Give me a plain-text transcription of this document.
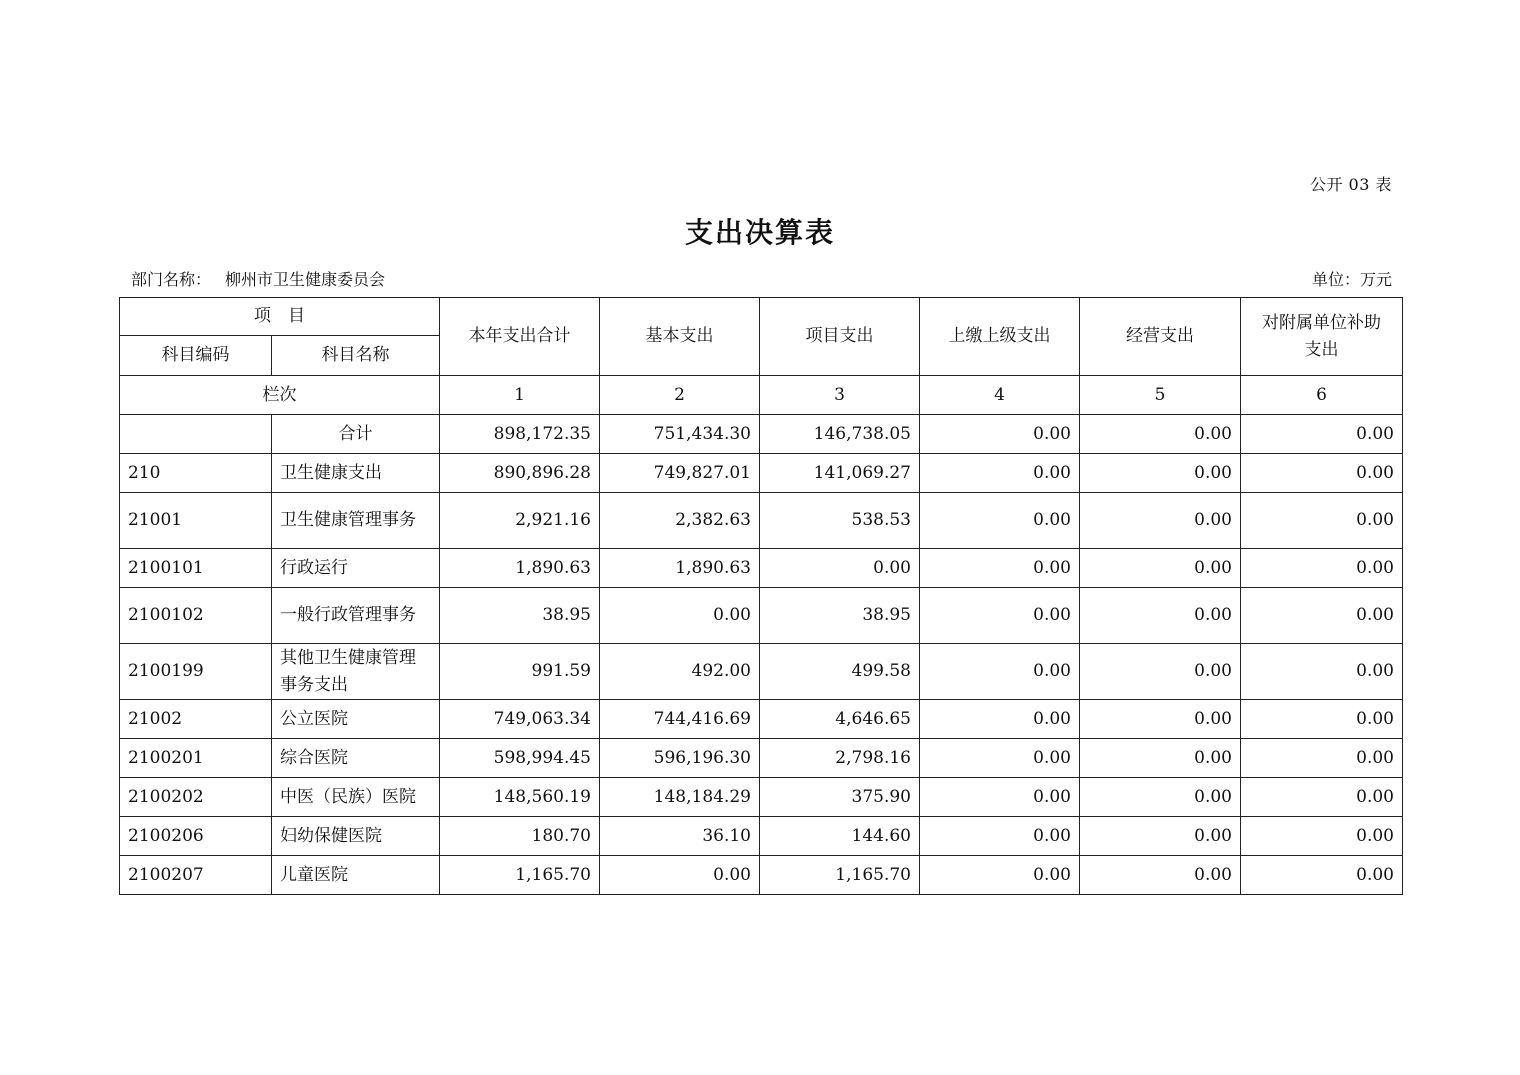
公开 03 表
支出决算表
部门名称： 柳州市卫生健康委员会	单位：万元
项　目		本年支出合计	基本支出	项目支出	上缴上级支出	经营支出	对附属单位补助
支出

科目编码	科目名称						
栏次		1	2	3	4	5	6
	合计	898,172.35	751,434.30	146,738.05	0.00	0.00	0.00
210	卫生健康支出	890,896.28	749,827.01	141,069.27	0.00	0.00	0.00
21001	卫生健康管理事务	2,921.16	2,382.63	538.53	0.00	0.00	0.00
2100101	行政运行	1,890.63	1,890.63	0.00	0.00	0.00	0.00
2100102	一般行政管理事务	38.95	0.00	38.95	0.00	0.00	0.00
2100199	其他卫生健康管理事务支出	991.59	492.00	499.58	0.00	0.00	0.00
21002	公立医院	749,063.34	744,416.69	4,646.65	0.00	0.00	0.00
2100201	综合医院	598,994.45	596,196.30	2,798.16	0.00	0.00	0.00
2100202	中医（民族）医院	148,560.19	148,184.29	375.90	0.00	0.00	0.00
2100206	妇幼保健医院	180.70	36.10	144.60	0.00	0.00	0.00
2100207	儿童医院	1,165.70	0.00	1,165.70	0.00	0.00	0.00
